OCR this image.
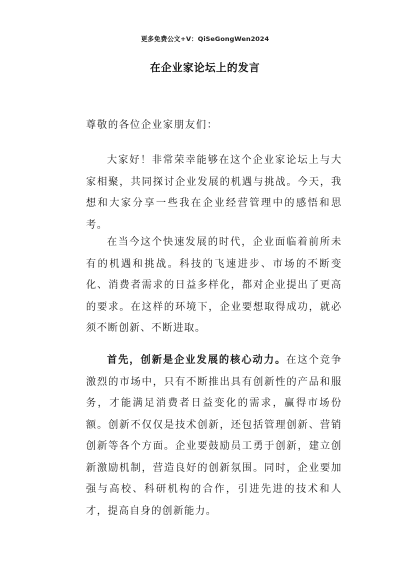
更多免费公文+V：QiSeGongWen2024
在企业家论坛上的发言
尊敬的各位企业家朋友们：

大家好！非常荣幸能够在这个企业家论坛上与大家相聚，共同探讨企业发展的机遇与挑战。今天，我想和大家分享一些我在企业经营管理中的感悟和思考。

在当今这个快速发展的时代，企业面临着前所未有的机遇和挑战。科技的飞速进步、市场的不断变化、消费者需求的日益多样化，都对企业提出了更高的要求。在这样的环境下，企业要想取得成功，就必须不断创新、不断进取。

首先，创新是企业发展的核心动力。在这个竞争激烈的市场中，只有不断推出具有创新性的产品和服务，才能满足消费者日益变化的需求，赢得市场份额。创新不仅仅是技术创新，还包括管理创新、营销创新等各个方面。企业要鼓励员工勇于创新，建立创新激励机制，营造良好的创新氛围。同时，企业要加强与高校、科研机构的合作，引进先进的技术和人才，提高自身的创新能力。
